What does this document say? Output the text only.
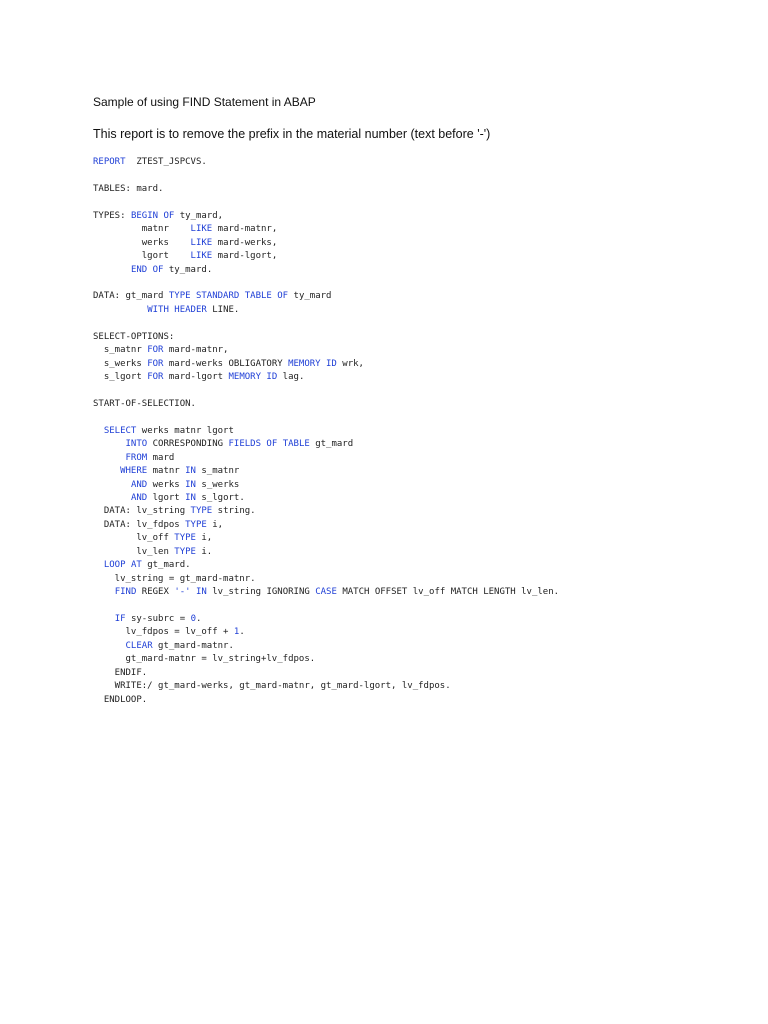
Sample of using FIND Statement in ABAP
This report is to remove the prefix in the material number (text before '-')
REPORT  ZTEST_JSPCVS.

TABLES: mard.

TYPES: BEGIN OF ty_mard,
matnr    LIKE mard-matnr,
werks    LIKE mard-werks,
lgort    LIKE mard-lgort,
END OF ty_mard.

DATA: gt_mard TYPE STANDARD TABLE OF ty_mard
WITH HEADER LINE.

SELECT-OPTIONS:
s_matnr FOR mard-matnr,
s_werks FOR mard-werks OBLIGATORY MEMORY ID wrk,
s_lgort FOR mard-lgort MEMORY ID lag.

START-OF-SELECTION.

SELECT werks matnr lgort
INTO CORRESPONDING FIELDS OF TABLE gt_mard
FROM mard
WHERE matnr IN s_matnr
AND werks IN s_werks
AND lgort IN s_lgort.
DATA: lv_string TYPE string.
DATA: lv_fdpos TYPE i,
lv_off TYPE i,
lv_len TYPE i.
LOOP AT gt_mard.
lv_string = gt_mard-matnr.
FIND REGEX '-' IN lv_string IGNORING CASE MATCH OFFSET lv_off MATCH LENGTH lv_len.

IF sy-subrc = 0.
lv_fdpos = lv_off + 1.
CLEAR gt_mard-matnr.
gt_mard-matnr = lv_string+lv_fdpos.
ENDIF.
WRITE:/ gt_mard-werks, gt_mard-matnr, gt_mard-lgort, lv_fdpos.
ENDLOOP.
